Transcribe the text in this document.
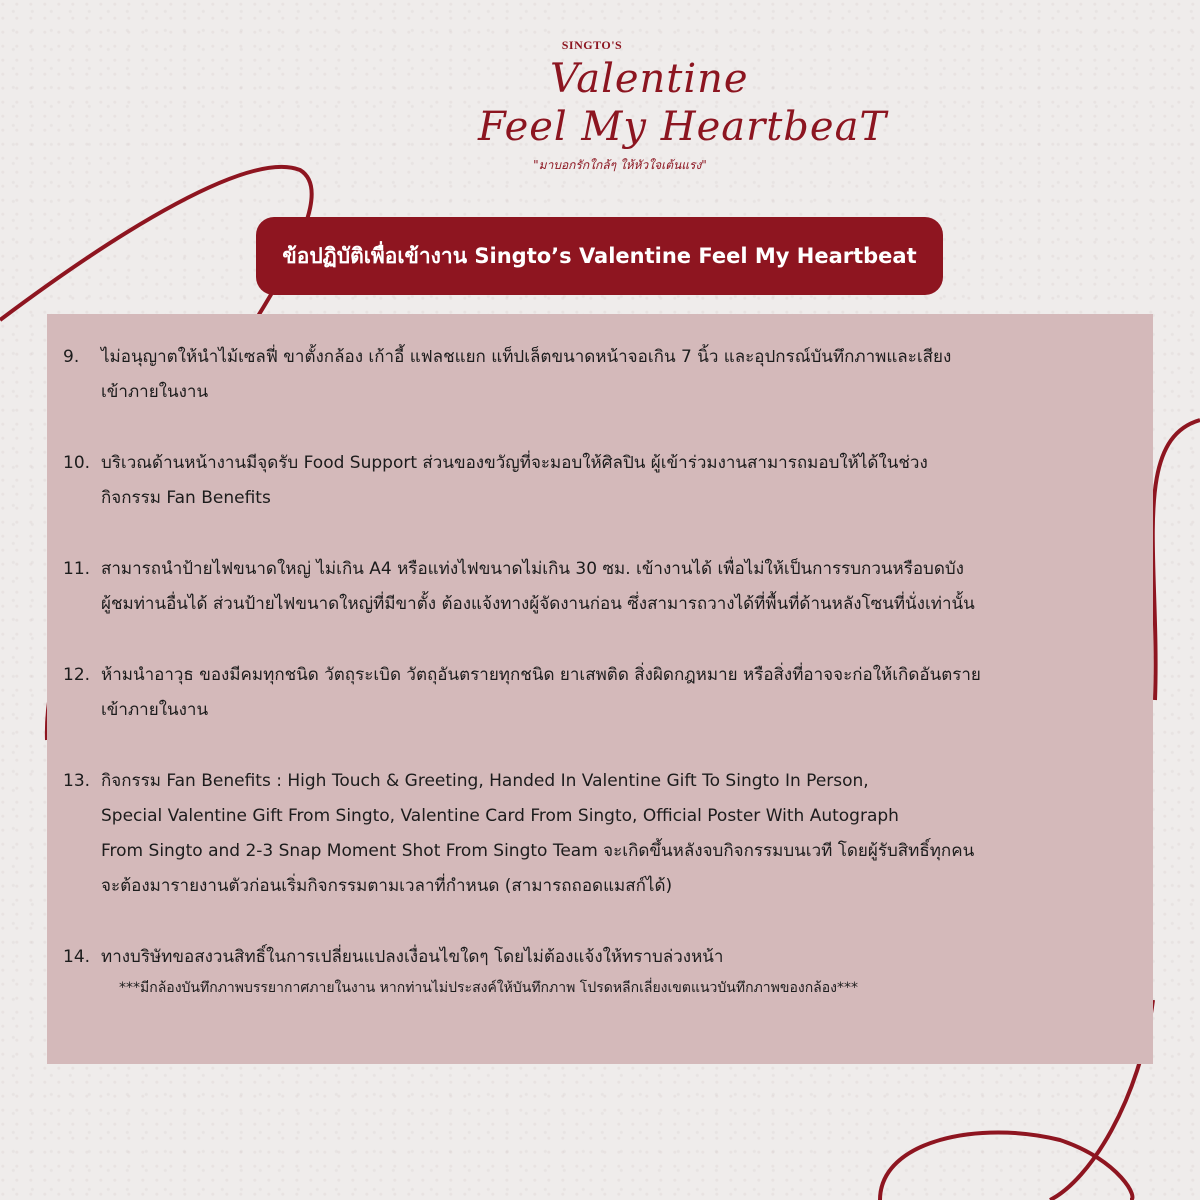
SINGTO'S
Valentine
Feel My HeartbeaT
"มาบอกรักใกล้ๆ ให้หัวใจเต้นแรง"
ข้อปฏิบัติเพื่อเข้างาน Singto’s Valentine Feel My Heartbeat
9. ไม่อนุญาตให้นำไม้เซลฟี่ ขาตั้งกล้อง เก้าอี้ แฟลชแยก แท็ปเล็ตขนาดหน้าจอเกิน 7 นิ้ว และอุปกรณ์บันทึกภาพและเสียง
เข้าภายในงาน
10. บริเวณด้านหน้างานมีจุดรับ Food Support ส่วนของขวัญที่จะมอบให้ศิลปิน ผู้เข้าร่วมงานสามารถมอบให้ได้ในช่วง
กิจกรรม Fan Benefits
11. สามารถนำป้ายไฟขนาดใหญ่ ไม่เกิน A4 หรือแท่งไฟขนาดไม่เกิน 30 ซม. เข้างานได้ เพื่อไม่ให้เป็นการรบกวนหรือบดบัง
ผู้ชมท่านอื่นได้ ส่วนป้ายไฟขนาดใหญ่ที่มีขาตั้ง ต้องแจ้งทางผู้จัดงานก่อน ซึ่งสามารถวางได้ที่พื้นที่ด้านหลังโซนที่นั่งเท่านั้น
12. ห้ามนำอาวุธ ของมีคมทุกชนิด วัตถุระเบิด วัตถุอันตรายทุกชนิด ยาเสพติด สิ่งผิดกฎหมาย หรือสิ่งที่อาจจะก่อให้เกิดอันตราย
เข้าภายในงาน
13. กิจกรรม Fan Benefits : High Touch & Greeting, Handed In Valentine Gift To Singto In Person,
Special Valentine Gift From Singto, Valentine Card From Singto, Official Poster With Autograph
From Singto and 2-3 Snap Moment Shot From Singto Team จะเกิดขึ้นหลังจบกิจกรรมบนเวที โดยผู้รับสิทธิ์ทุกคน
จะต้องมารายงานตัวก่อนเริ่มกิจกรรมตามเวลาที่กำหนด (สามารถถอดแมสก์ได้)
14. ทางบริษัทขอสงวนสิทธิ์ในการเปลี่ยนแปลงเงื่อนไขใดๆ โดยไม่ต้องแจ้งให้ทราบล่วงหน้า
***มีกล้องบันทึกภาพบรรยากาศภายในงาน หากท่านไม่ประสงค์ให้บันทึกภาพ โปรดหลีกเลี่ยงเขตแนวบันทึกภาพของกล้อง***
